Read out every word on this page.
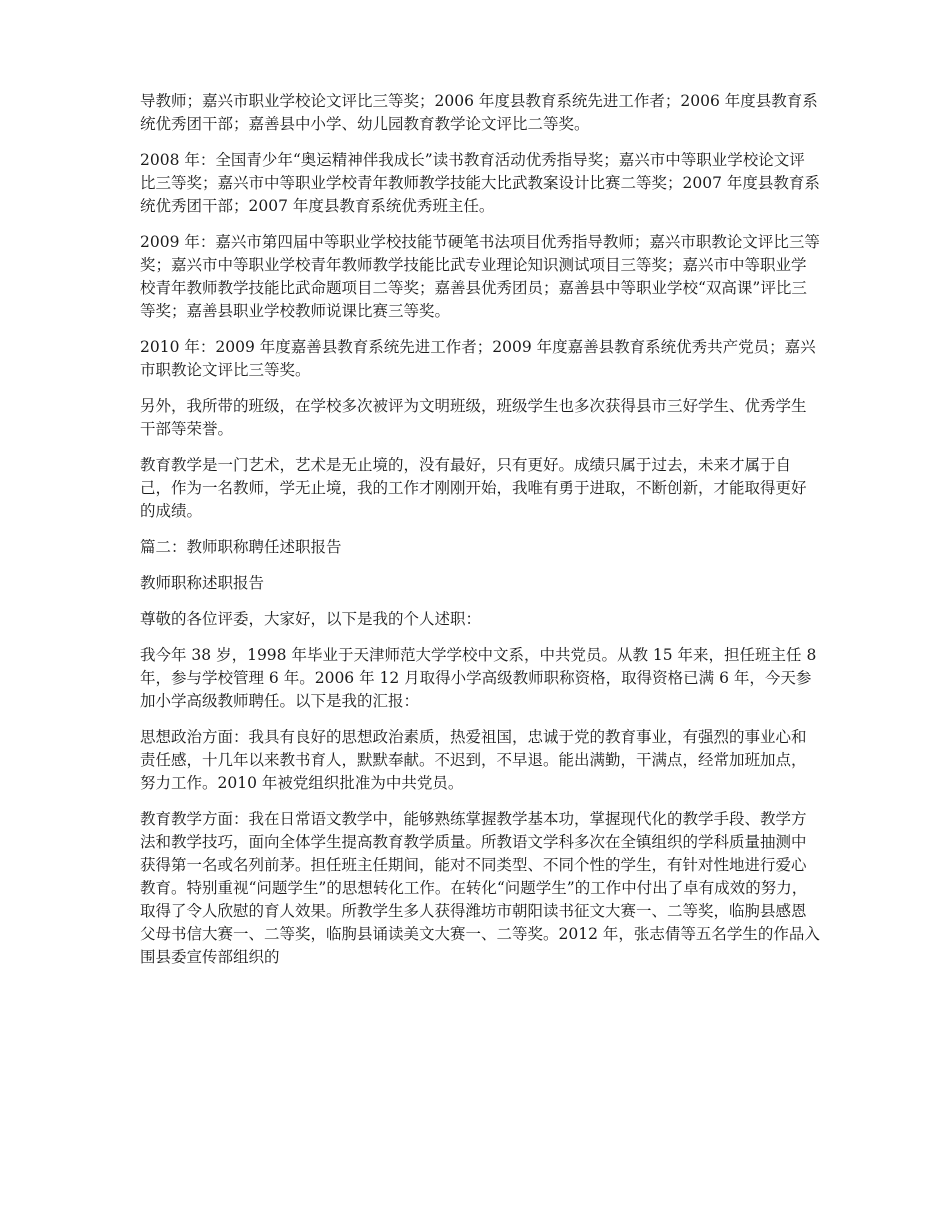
导教师；嘉兴市职业学校论文评比三等奖；2006 年度县教育系统先进工作者；2006 年度县教育系统优秀团干部；嘉善县中小学、幼儿园教育教学论文评比二等奖。

2008 年：全国青少年“奥运精神伴我成长”读书教育活动优秀指导奖；嘉兴市中等职业学校论文评比三等奖；嘉兴市中等职业学校青年教师教学技能大比武教案设计比赛二等奖；2007 年度县教育系统优秀团干部；2007 年度县教育系统优秀班主任。

2009 年：嘉兴市第四届中等职业学校技能节硬笔书法项目优秀指导教师；嘉兴市职教论文评比三等奖；嘉兴市中等职业学校青年教师教学技能比武专业理论知识测试项目三等奖；嘉兴市中等职业学校青年教师教学技能比武命题项目二等奖；嘉善县优秀团员；嘉善县中等职业学校“双高课”评比三等奖；嘉善县职业学校教师说课比赛三等奖。

2010 年：2009 年度嘉善县教育系统先进工作者；2009 年度嘉善县教育系统优秀共产党员；嘉兴市职教论文评比三等奖。

另外，我所带的班级，在学校多次被评为文明班级，班级学生也多次获得县市三好学生、优秀学生干部等荣誉。

教育教学是一门艺术，艺术是无止境的，没有最好，只有更好。成绩只属于过去，未来才属于自己，作为一名教师，学无止境，我的工作才刚刚开始，我唯有勇于进取，不断创新，才能取得更好的成绩。

篇二：教师职称聘任述职报告

教师职称述职报告

尊敬的各位评委，大家好，以下是我的个人述职：

我今年 38 岁，1998 年毕业于天津师范大学学校中文系，中共党员。从教 15 年来，担任班主任 8 年，参与学校管理 6 年。2006 年 12 月取得小学高级教师职称资格，取得资格已满 6 年，今天参加小学高级教师聘任。以下是我的汇报：

思想政治方面：我具有良好的思想政治素质，热爱祖国，忠诚于党的教育事业，有强烈的事业心和责任感，十几年以来教书育人，默默奉献。不迟到，不早退。能出满勤，干满点，经常加班加点，努力工作。2010 年被党组织批准为中共党员。

教育教学方面：我在日常语文教学中，能够熟练掌握教学基本功，掌握现代化的教学手段、教学方法和教学技巧，面向全体学生提高教育教学质量。所教语文学科多次在全镇组织的学科质量抽测中获得第一名或名列前茅。担任班主任期间，能对不同类型、不同个性的学生，有针对性地进行爱心教育。特别重视“问题学生”的思想转化工作。在转化“问题学生”的工作中付出了卓有成效的努力，取得了令人欣慰的育人效果。所教学生多人获得潍坊市朝阳读书征文大赛一、二等奖，临朐县感恩父母书信大赛一、二等奖，临朐县诵读美文大赛一、二等奖。2012 年，张志倩等五名学生的作品入围县委宣传部组织的
